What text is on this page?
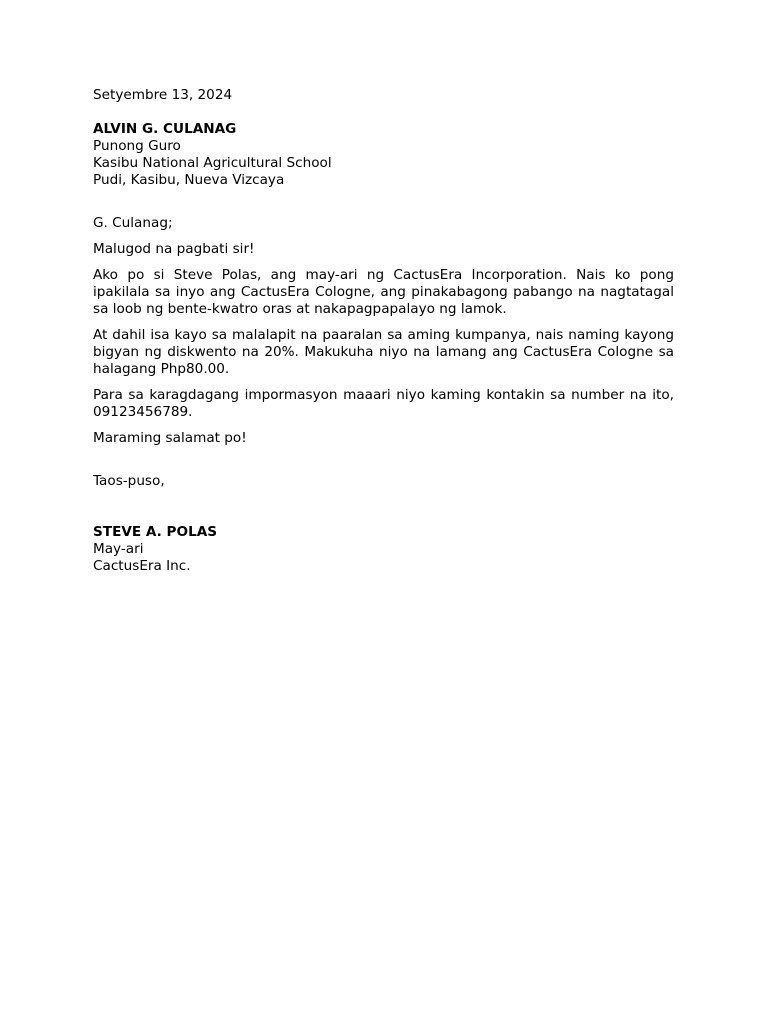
Setyembre 13, 2024
ALVIN G. CULANAG
Punong Guro
Kasibu National Agricultural School
Pudi, Kasibu, Nueva Vizcaya

G. Culanag;

Malugod na pagbati sir!

Ako po si Steve Polas, ang may-ari ng CactusEra Incorporation. Nais ko pong ipakilala sa inyo ang CactusEra Cologne, ang pinakabagong pabango na nagtatagal sa loob ng bente-kwatro oras at nakapagpapalayo ng lamok.

At dahil isa kayo sa malalapit na paaralan sa aming kumpanya, nais naming kayong bigyan ng diskwento na 20%. Makukuha niyo na lamang ang CactusEra Cologne sa halagang Php80.00.

Para sa karagdagang impormasyon maaari niyo kaming kontakin sa number na ito, 09123456789.

Maraming salamat po!

Taos-puso,
STEVE A. POLAS
May-ari
CactusEra Inc.
